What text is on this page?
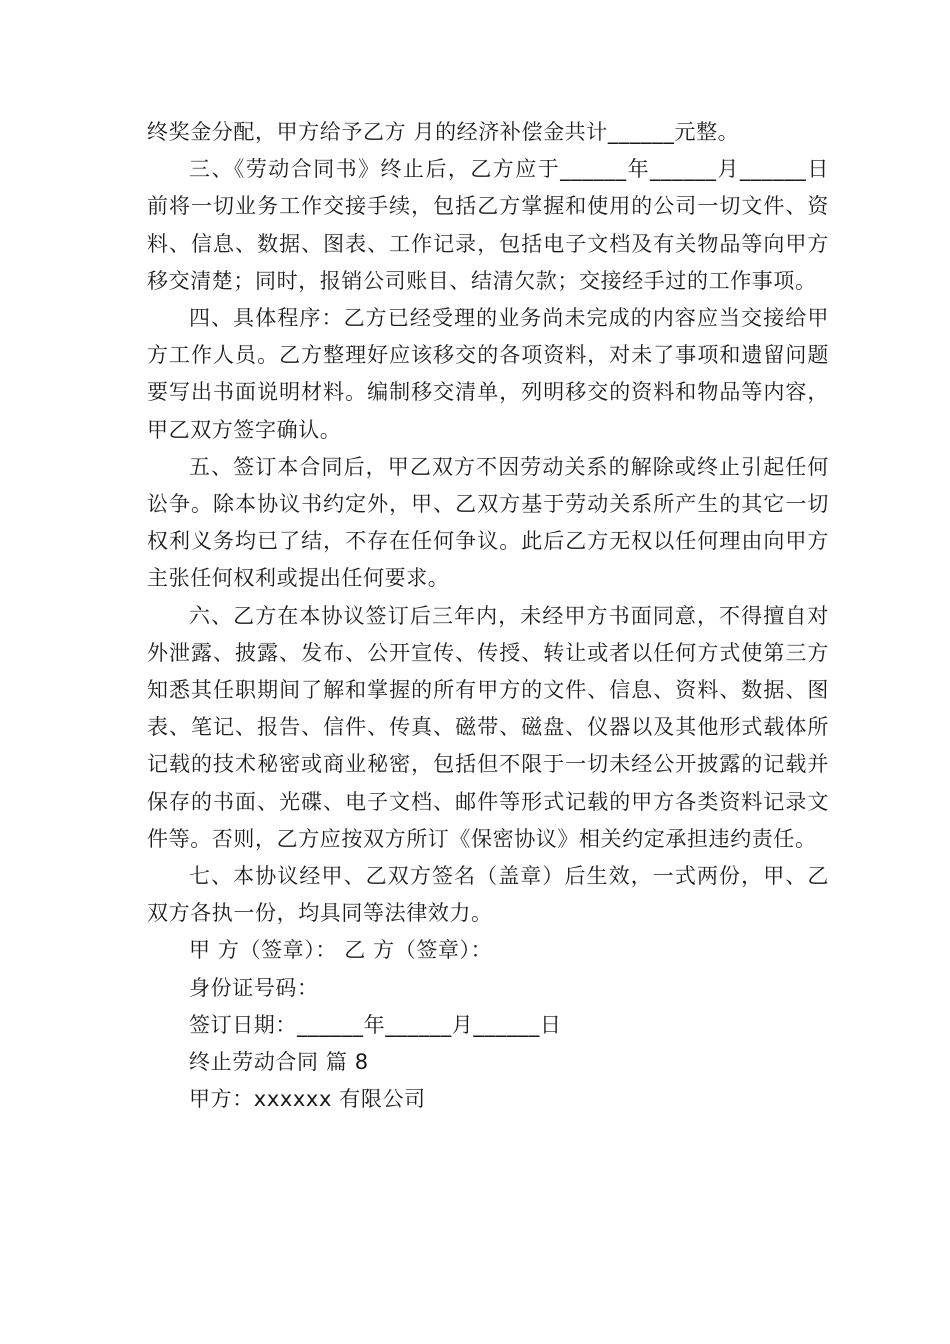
终奖金分配，甲方给予乙方 月的经济补偿金共计______元整。

三、《劳动合同书》终止后，乙方应于______年______月______日前将一切业务工作交接手续，包括乙方掌握和使用的公司一切文件、资料、信息、数据、图表、工作记录，包括电子文档及有关物品等向甲方移交清楚；同时，报销公司账目、结清欠款；交接经手过的工作事项。

四、具体程序：乙方已经受理的业务尚未完成的内容应当交接给甲方工作人员。乙方整理好应该移交的各项资料，对未了事项和遗留问题要写出书面说明材料。编制移交清单，列明移交的资料和物品等内容，甲乙双方签字确认。

五、签订本合同后，甲乙双方不因劳动关系的解除或终止引起任何讼争。除本协议书约定外，甲、乙双方基于劳动关系所产生的其它一切权利义务均已了结，不存在任何争议。此后乙方无权以任何理由向甲方主张任何权利或提出任何要求。

六、乙方在本协议签订后三年内，未经甲方书面同意，不得擅自对外泄露、披露、发布、公开宣传、传授、转让或者以任何方式使第三方知悉其任职期间了解和掌握的所有甲方的文件、信息、资料、数据、图表、笔记、报告、信件、传真、磁带、磁盘、仪器以及其他形式载体所记载的技术秘密或商业秘密，包括但不限于一切未经公开披露的记载并保存的书面、光碟、电子文档、邮件等形式记载的甲方各类资料记录文件等。否则，乙方应按双方所订《保密协议》相关约定承担违约责任。

七、本协议经甲、乙双方签名（盖章）后生效，一式两份，甲、乙双方各执一份，均具同等法律效力。

甲 方（签章）： 乙 方（签章）：

身份证号码：

签订日期：______年______月______日

终止劳动合同 篇 8

甲方：xxxxxx 有限公司
